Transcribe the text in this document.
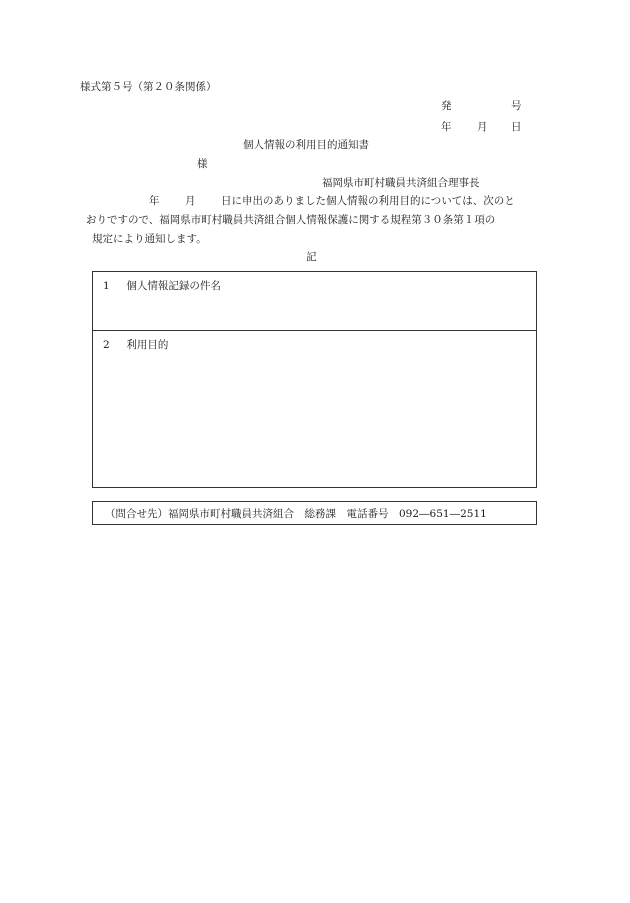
様式第５号（第２０条関係）
発	号
年 月 日
個人情報の利用目的通知書
様
福岡県市町村職員共済組合理事長
年 月 日に申出のありました個人情報の利用目的については、次のと
おりですので、福岡県市町村職員共済組合個人情報保護に関する規程第３０条第１項の
規定により通知します。
記
1 個人情報記録の件名
2 利用目的
（問合せ先）福岡県市町村職員共済組合　総務課　電話番号　092―651―2511
